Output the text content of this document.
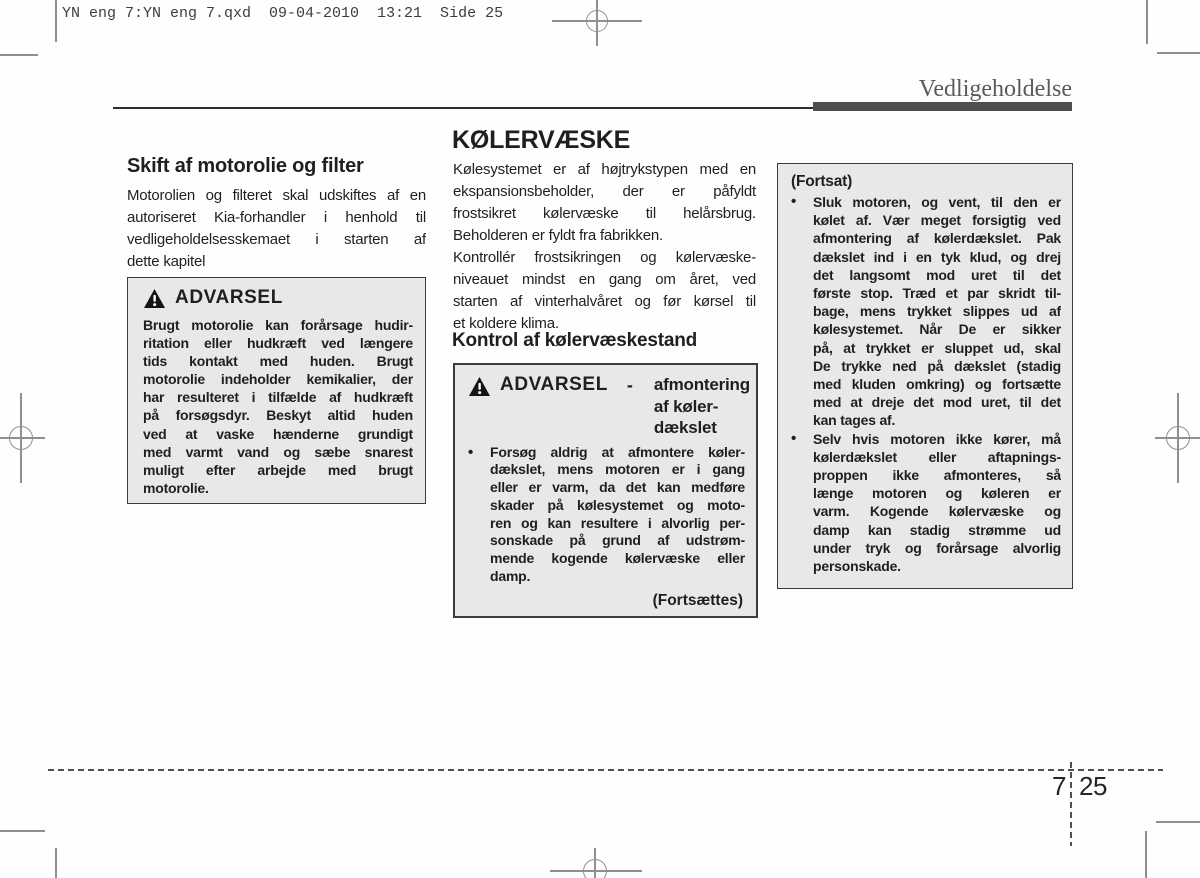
YN eng 7:YN eng 7.qxd  09-04-2010  13:21  Side 25
Vedligeholdelse
Skift af motorolie og filter
Motorolien og filteret skal udskiftes af en
autoriseret Kia-forhandler i henhold til
vedligeholdelsesskemaet i starten af
dette kapitel
ADVARSEL
Brugt motorolie kan forårsage hudir-
ritation eller hudkræft ved længere
tids kontakt med huden. Brugt
motorolie indeholder kemikalier, der
har resulteret i tilfælde af hudkræft
på forsøgsdyr. Beskyt altid huden
ved at vaske hænderne grundigt
med varmt vand og sæbe snarest
muligt efter arbejde med brugt
motorolie.
KØLERVÆSKE
Kølesystemet er af højtrykstypen med en
ekspansionsbeholder, der er påfyldt
frostsikret kølervæske til helårsbrug.
Beholderen er fyldt fra fabrikken.
Kontrollér frostsikringen og kølervæske-
niveauet mindst en gang om året, ved
starten af vinterhalvåret og før kørsel til
et koldere klima.
Kontrol af kølervæskestand
ADVARSEL - afmontering
af køler-
dækslet
•	Forsøg aldrig at afmontere køler-
dækslet, mens motoren er i gang
eller er varm, da det kan medføre
skader på kølesystemet og moto-
ren og kan resultere i alvorlig per-
sonskade på grund af udstrøm-
mende kogende kølervæske eller
damp.
(Fortsættes)
(Fortsat)
•	Sluk motoren, og vent, til den er
kølet af. Vær meget forsigtig ved
afmontering af kølerdækslet. Pak
dækslet ind i en tyk klud, og drej
det langsomt mod uret til det
første stop. Træd et par skridt til-
bage, mens trykket slippes ud af
kølesystemet. Når De er sikker
på, at trykket er sluppet ud, skal
De trykke ned på dækslet (stadig
med kluden omkring) og fortsætte
med at dreje det mod uret, til det
kan tages af.
•	Selv hvis motoren ikke kører, må
kølerdækslet eller aftapnings-
proppen ikke afmonteres, så
længe motoren og køleren er
varm. Kogende kølervæske og
damp kan stadig strømme ud
under tryk og forårsage alvorlig
personskade.
7 25
